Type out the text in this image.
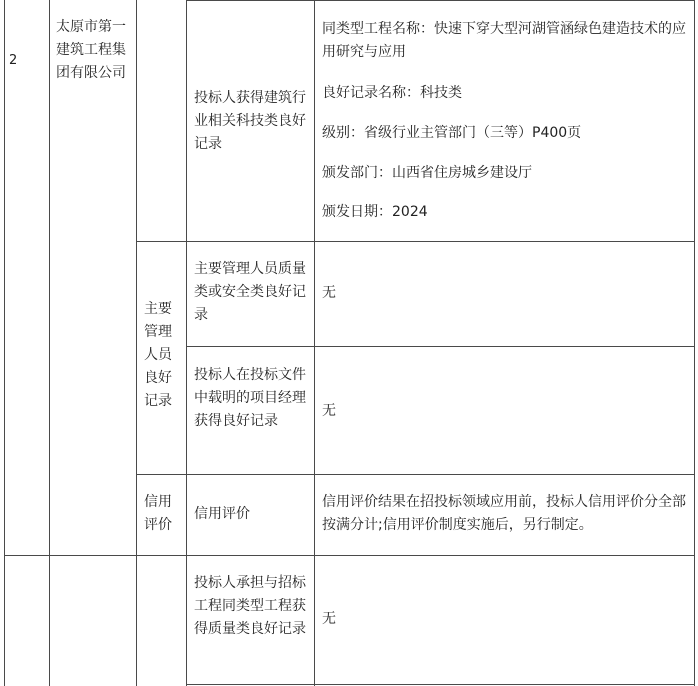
2
太原市第一建筑工程集团有限公司
主要管理人员良好记录
信用评价
投标人获得建筑行业相关科技类良好记录
同类型工程名称：快速下穿大型河湖管涵绿色建造技术的应用研究与应用
良好记录名称：科技类
级别：省级行业主管部门（三等）P400页
颁发部门：山西省住房城乡建设厅
颁发日期：2024
主要管理人员质量类或安全类良好记录
无
投标人在投标文件中载明的项目经理获得良好记录
无
信用评价
信用评价结果在招投标领域应用前，投标人信用评价分全部按满分计;信用评价制度实施后，另行制定。
投标人承担与招标工程同类型工程获得质量类良好记录
无
